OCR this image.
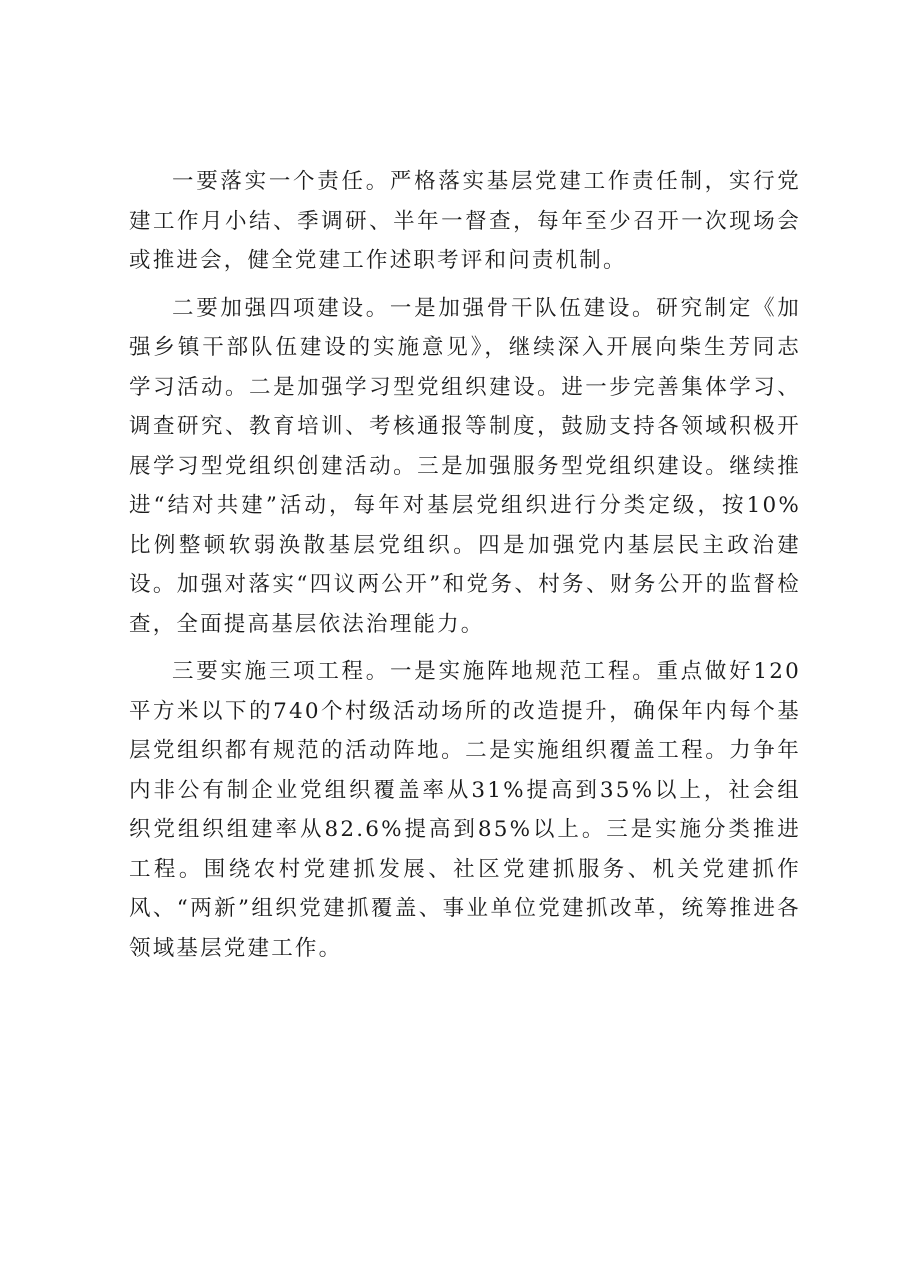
一要落实一个责任。严格落实基层党建工作责任制，实行党建工作月小结、季调研、半年一督查，每年至少召开一次现场会或推进会，健全党建工作述职考评和问责机制。

二要加强四项建设。一是加强骨干队伍建设。研究制定《加强乡镇干部队伍建设的实施意见》，继续深入开展向柴生芳同志学习活动。二是加强学习型党组织建设。进一步完善集体学习、调查研究、教育培训、考核通报等制度，鼓励支持各领域积极开展学习型党组织创建活动。三是加强服务型党组织建设。继续推进“结对共建”活动，每年对基层党组织进行分类定级，按10%比例整顿软弱涣散基层党组织。四是加强党内基层民主政治建设。加强对落实“四议两公开”和党务、村务、财务公开的监督检查，全面提高基层依法治理能力。

三要实施三项工程。一是实施阵地规范工程。重点做好120平方米以下的740个村级活动场所的改造提升，确保年内每个基层党组织都有规范的活动阵地。二是实施组织覆盖工程。力争年内非公有制企业党组织覆盖率从31%提高到35%以上，社会组织党组织组建率从82.6%提高到85%以上。三是实施分类推进工程。围绕农村党建抓发展、社区党建抓服务、机关党建抓作风、“两新”组织党建抓覆盖、事业单位党建抓改革，统筹推进各领域基层党建工作。
